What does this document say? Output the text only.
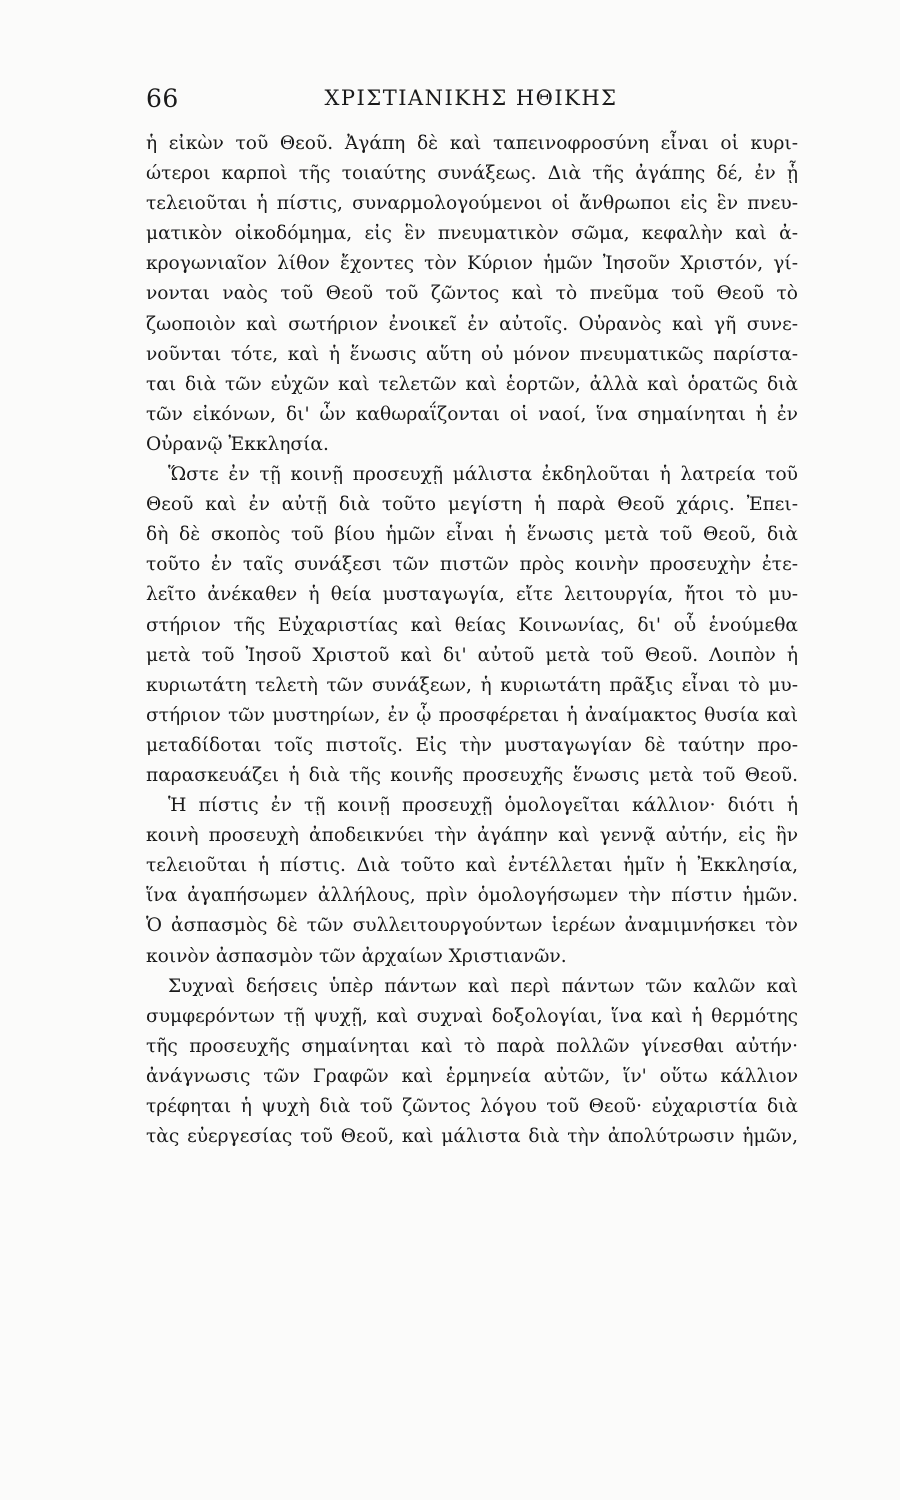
66	ΧΡΙΣΤΙΑΝΙΚΗΣ ΗΘΙΚΗΣ
ἡ εἰκὼν τοῦ Θεοῦ. Ἀγάπη δὲ καὶ ταπεινοφροσύνη εἶναι οἱ κυρι-
ώτεροι καρποὶ τῆς τοιαύτης συνάξεως. Διὰ τῆς ἀγάπης δέ, ἐν ᾗ
τελειοῦται ἡ πίστις, συναρμολογούμενοι οἱ ἄνθρωποι εἰς ἓν πνευ-
ματικὸν οἰκοδόμημα, εἰς ἓν πνευματικὸν σῶμα, κεφαλὴν καὶ ἀ-
κρογωνιαῖον λίθον ἔχοντες τὸν Κύριον ἡμῶν Ἰησοῦν Χριστόν, γί-
νονται ναὸς τοῦ Θεοῦ τοῦ ζῶντος καὶ τὸ πνεῦμα τοῦ Θεοῦ τὸ
ζωοποιὸν καὶ σωτήριον ἐνοικεῖ ἐν αὐτοῖς. Οὐρανὸς καὶ γῆ συνε-
νοῦνται τότε, καὶ ἡ ἕνωσις αὕτη οὐ μόνον πνευματικῶς παρίστα-
ται διὰ τῶν εὐχῶν καὶ τελετῶν καὶ ἑορτῶν, ἀλλὰ καὶ ὁρατῶς διὰ
τῶν εἰκόνων, δι' ὧν καθωραΐζονται οἱ ναοί, ἵνα σημαίνηται ἡ ἐν
Οὐρανῷ Ἐκκλησία.
Ὥστε ἐν τῇ κοινῇ προσευχῇ μάλιστα ἐκδηλοῦται ἡ λατρεία τοῦ
Θεοῦ καὶ ἐν αὐτῇ διὰ τοῦτο μεγίστη ἡ παρὰ Θεοῦ χάρις. Ἐπει-
δὴ δὲ σκοπὸς τοῦ βίου ἡμῶν εἶναι ἡ ἕνωσις μετὰ τοῦ Θεοῦ, διὰ
τοῦτο ἐν ταῖς συνάξεσι τῶν πιστῶν πρὸς κοινὴν προσευχὴν ἐτε-
λεῖτο ἀνέκαθεν ἡ θεία μυσταγωγία, εἴτε λειτουργία, ἤτοι τὸ μυ-
στήριον τῆς Εὐχαριστίας καὶ θείας Κοινωνίας, δι' οὗ ἑνούμεθα
μετὰ τοῦ Ἰησοῦ Χριστοῦ καὶ δι' αὐτοῦ μετὰ τοῦ Θεοῦ. Λοιπὸν ἡ
κυριωτάτη τελετὴ τῶν συνάξεων, ἡ κυριωτάτη πρᾶξις εἶναι τὸ μυ-
στήριον τῶν μυστηρίων, ἐν ᾧ προσφέρεται ἡ ἀναίμακτος θυσία καὶ
μεταδίδοται τοῖς πιστοῖς. Εἰς τὴν μυσταγωγίαν δὲ ταύτην προ-
παρασκευάζει ἡ διὰ τῆς κοινῆς προσευχῆς ἕνωσις μετὰ τοῦ Θεοῦ.
Ἡ πίστις ἐν τῇ κοινῇ προσευχῇ ὁμολογεῖται κάλλιον· διότι ἡ
κοινὴ προσευχὴ ἀποδεικνύει τὴν ἀγάπην καὶ γεννᾷ αὐτήν, εἰς ἣν
τελειοῦται ἡ πίστις. Διὰ τοῦτο καὶ ἐντέλλεται ἡμῖν ἡ Ἐκκλησία,
ἵνα ἀγαπήσωμεν ἀλλήλους, πρὶν ὁμολογήσωμεν τὴν πίστιν ἡμῶν.
Ὁ ἀσπασμὸς δὲ τῶν συλλειτουργούντων ἱερέων ἀναμιμνήσκει τὸν
κοινὸν ἀσπασμὸν τῶν ἀρχαίων Χριστιανῶν.
Συχναὶ δεήσεις ὑπὲρ πάντων καὶ περὶ πάντων τῶν καλῶν καὶ
συμφερόντων τῇ ψυχῇ, καὶ συχναὶ δοξολογίαι, ἵνα καὶ ἡ θερμότης
τῆς προσευχῆς σημαίνηται καὶ τὸ παρὰ πολλῶν γίνεσθαι αὐτήν·
ἀνάγνωσις τῶν Γραφῶν καὶ ἑρμηνεία αὐτῶν, ἵν' οὕτω κάλλιον
τρέφηται ἡ ψυχὴ διὰ τοῦ ζῶντος λόγου τοῦ Θεοῦ· εὐχαριστία διὰ
τὰς εὐεργεσίας τοῦ Θεοῦ, καὶ μάλιστα διὰ τὴν ἀπολύτρωσιν ἡμῶν,
